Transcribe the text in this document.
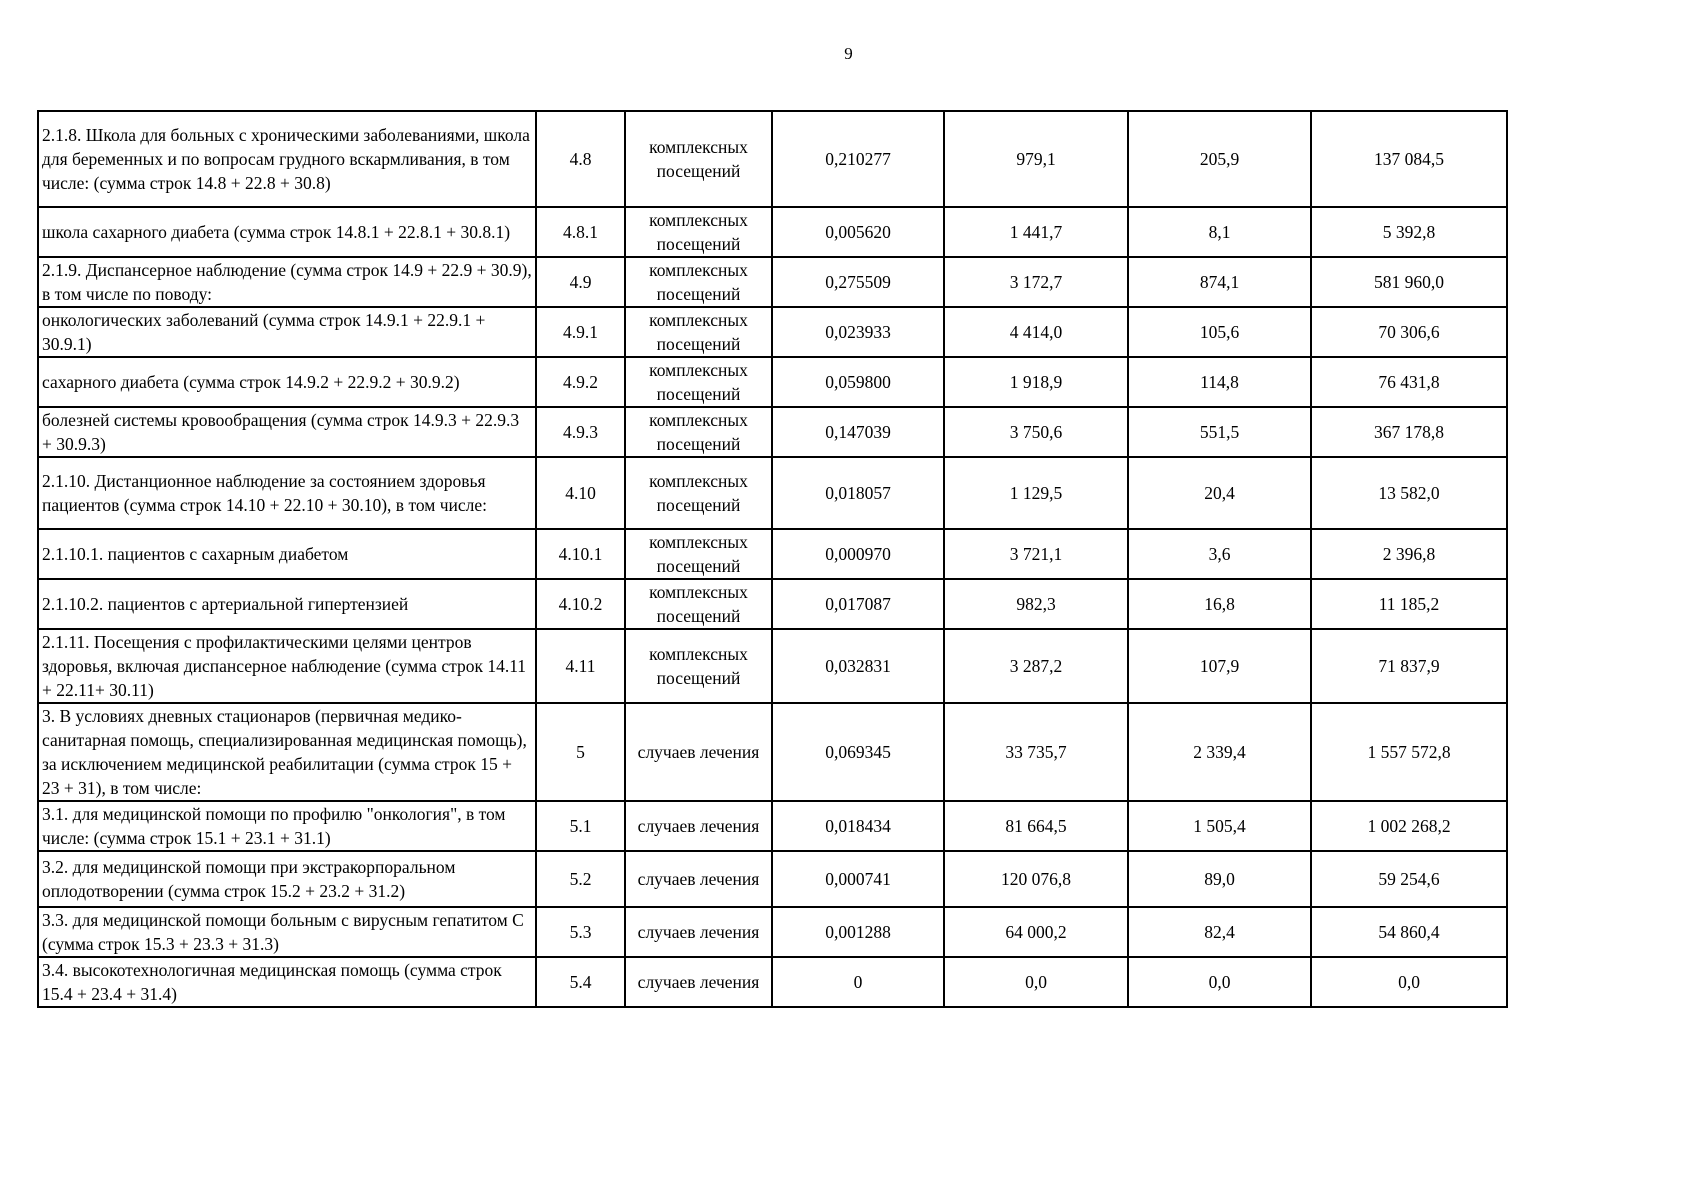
9
2.1.8. Школа для больных с хроническими заболеваниями, школа для беременных и по вопросам грудного вскармливания, в том числе: (сумма строк 14.8 + 22.8 + 30.8)	4.8	комплексных посещений	0,210277	979,1	205,9	137 084,5
школа сахарного диабета (сумма строк 14.8.1 + 22.8.1 + 30.8.1)	4.8.1	комплексных посещений	0,005620	1 441,7	8,1	5 392,8
2.1.9. Диспансерное наблюдение (сумма строк 14.9 + 22.9 + 30.9), в том числе по поводу:	4.9	комплексных посещений	0,275509	3 172,7	874,1	581 960,0
онкологических заболеваний (сумма строк 14.9.1 + 22.9.1 + 30.9.1)	4.9.1	комплексных посещений	0,023933	4 414,0	105,6	70 306,6
сахарного диабета (сумма строк 14.9.2 + 22.9.2 + 30.9.2)	4.9.2	комплексных посещений	0,059800	1 918,9	114,8	76 431,8
болезней системы кровообращения (сумма строк 14.9.3 + 22.9.3 + 30.9.3)	4.9.3	комплексных посещений	0,147039	3 750,6	551,5	367 178,8
2.1.10. Дистанционное наблюдение за состоянием здоровья пациентов (сумма строк 14.10 + 22.10 + 30.10), в том числе:	4.10	комплексных посещений	0,018057	1 129,5	20,4	13 582,0
2.1.10.1. пациентов с сахарным диабетом	4.10.1	комплексных посещений	0,000970	3 721,1	3,6	2 396,8
2.1.10.2. пациентов с артериальной гипертензией	4.10.2	комплексных посещений	0,017087	982,3	16,8	11 185,2
2.1.11. Посещения с профилактическими целями центров здоровья, включая диспансерное наблюдение (сумма строк 14.11 + 22.11+ 30.11)	4.11	комплексных посещений	0,032831	3 287,2	107,9	71 837,9
3. В условиях дневных стационаров (первичная медико-санитарная помощь, специализированная медицинская помощь), за исключением медицинской реабилитации (сумма строк 15 + 23 + 31), в том числе:	5	случаев лечения	0,069345	33 735,7	2 339,4	1 557 572,8
3.1. для медицинской помощи по профилю "онкология", в том числе: (сумма строк 15.1 + 23.1 + 31.1)	5.1	случаев лечения	0,018434	81 664,5	1 505,4	1 002 268,2
3.2. для медицинской помощи при экстракорпоральном оплодотворении (сумма строк 15.2 + 23.2 + 31.2)	5.2	случаев лечения	0,000741	120 076,8	89,0	59 254,6
3.3. для медицинской помощи больным с вирусным гепатитом С (сумма строк 15.3 + 23.3 + 31.3)	5.3	случаев лечения	0,001288	64 000,2	82,4	54 860,4
3.4. высокотехнологичная медицинская помощь (сумма строк 15.4 + 23.4 + 31.4)	5.4	случаев лечения	0	0,0	0,0	0,0
